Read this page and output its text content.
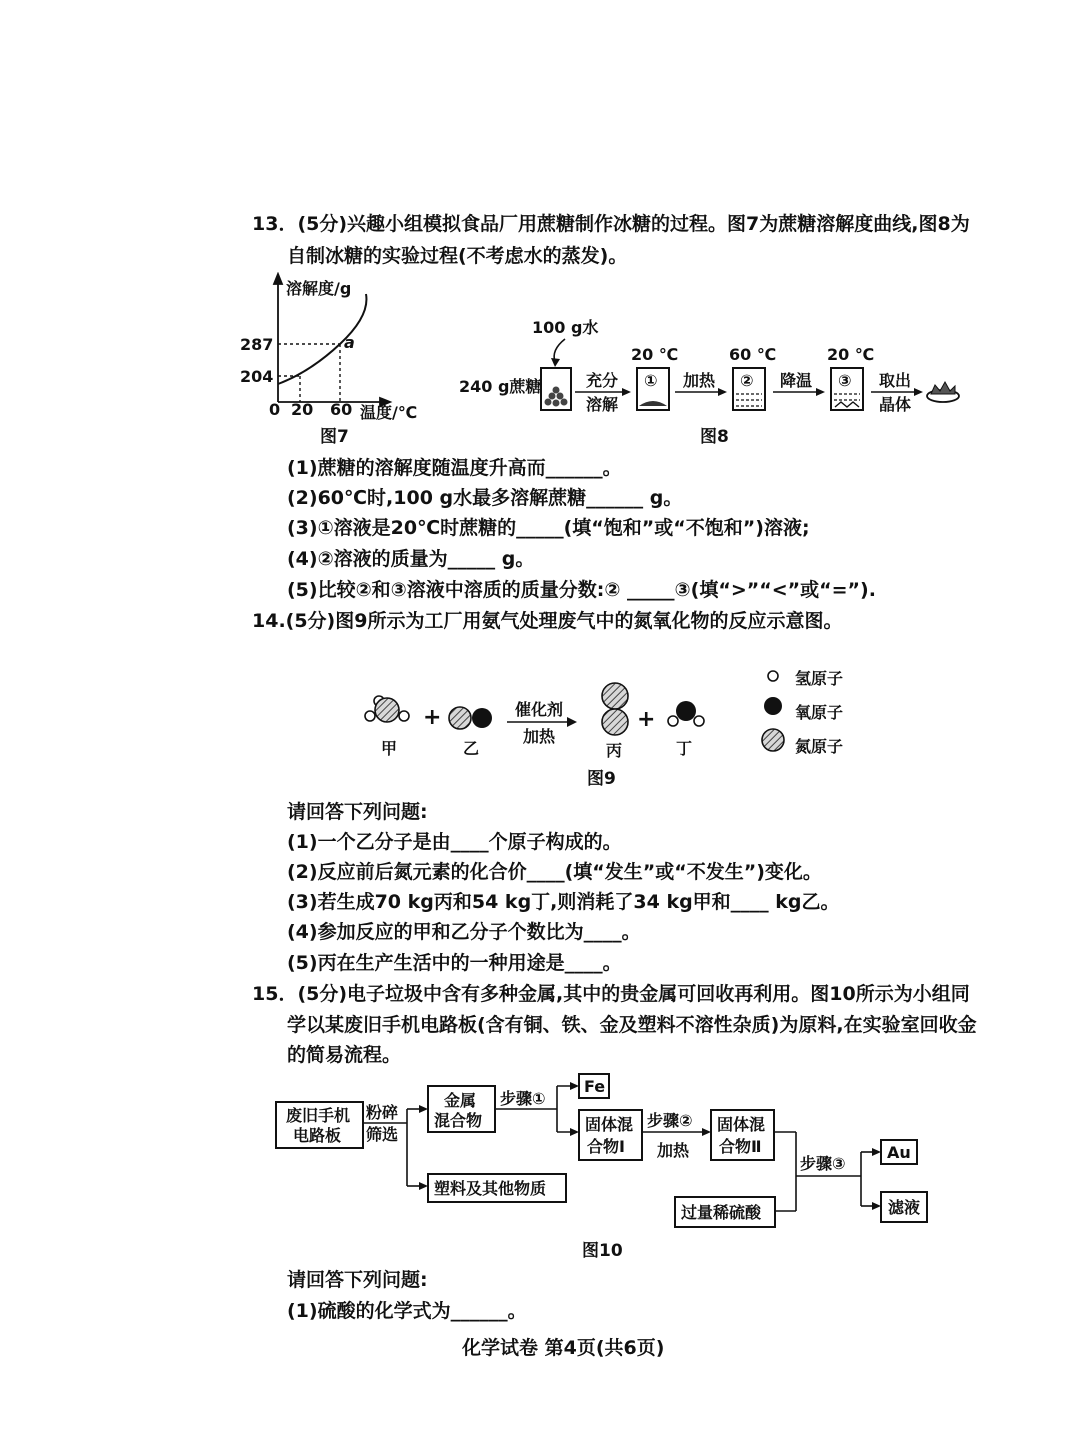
13．(5分)兴趣小组模拟食品厂用蔗糖制作冰糖的过程。图7为蔗糖溶解度曲线,图8为
自制冰糖的实验过程(不考虑水的蒸发)。
溶解度/g
287
204
a
0 20 60 温度/℃
图7
100 g水
240 g蔗糖	充分
溶解
20 ℃
① 加热
60 ℃
② 降温
20 ℃
③ 取出
晶体
图8
(1)蔗糖的溶解度随温度升高而______。
(2)60℃时,100 g水最多溶解蔗糖______ g。
(3)①溶液是20℃时蔗糖的_____(填“饱和”或“不饱和”)溶液;
(4)②溶液的质量为_____ g。
(5)比较②和③溶液中溶质的质量分数:② _____③(填“>”“<”或“=”).
14.(5分)图9所示为工厂用氨气处理废气中的氮氧化物的反应示意图。
甲
+
乙
催化剂
加热
丙
+
丁
氢原子
氧原子
氮原子
图9
请回答下列问题:
(1)一个乙分子是由____个原子构成的。
(2)反应前后氮元素的化合价____(填“发生”或“不发生”)变化。
(3)若生成70 kg丙和54 kg丁,则消耗了34 kg甲和____ kg乙。
(4)参加反应的甲和乙分子个数比为____。
(5)丙在生产生活中的一种用途是____。
15．(5分)电子垃圾中含有多种金属,其中的贵金属可回收再利用。图10所示为小组同
学以某废旧手机电路板(含有铜、铁、金及塑料不溶性杂质)为原料,在实验室回收金
的简易流程。
废旧手机
电路板
粉碎
筛选
金属
混合物
塑料及其他物质
步骤①
Fe
固体混
合物Ⅰ
步骤②
加热
固体混
合物Ⅱ
过量稀硫酸
步骤③
Au
滤液
图10
请回答下列问题:
(1)硫酸的化学式为______。
化学试卷 第4页(共6页)
